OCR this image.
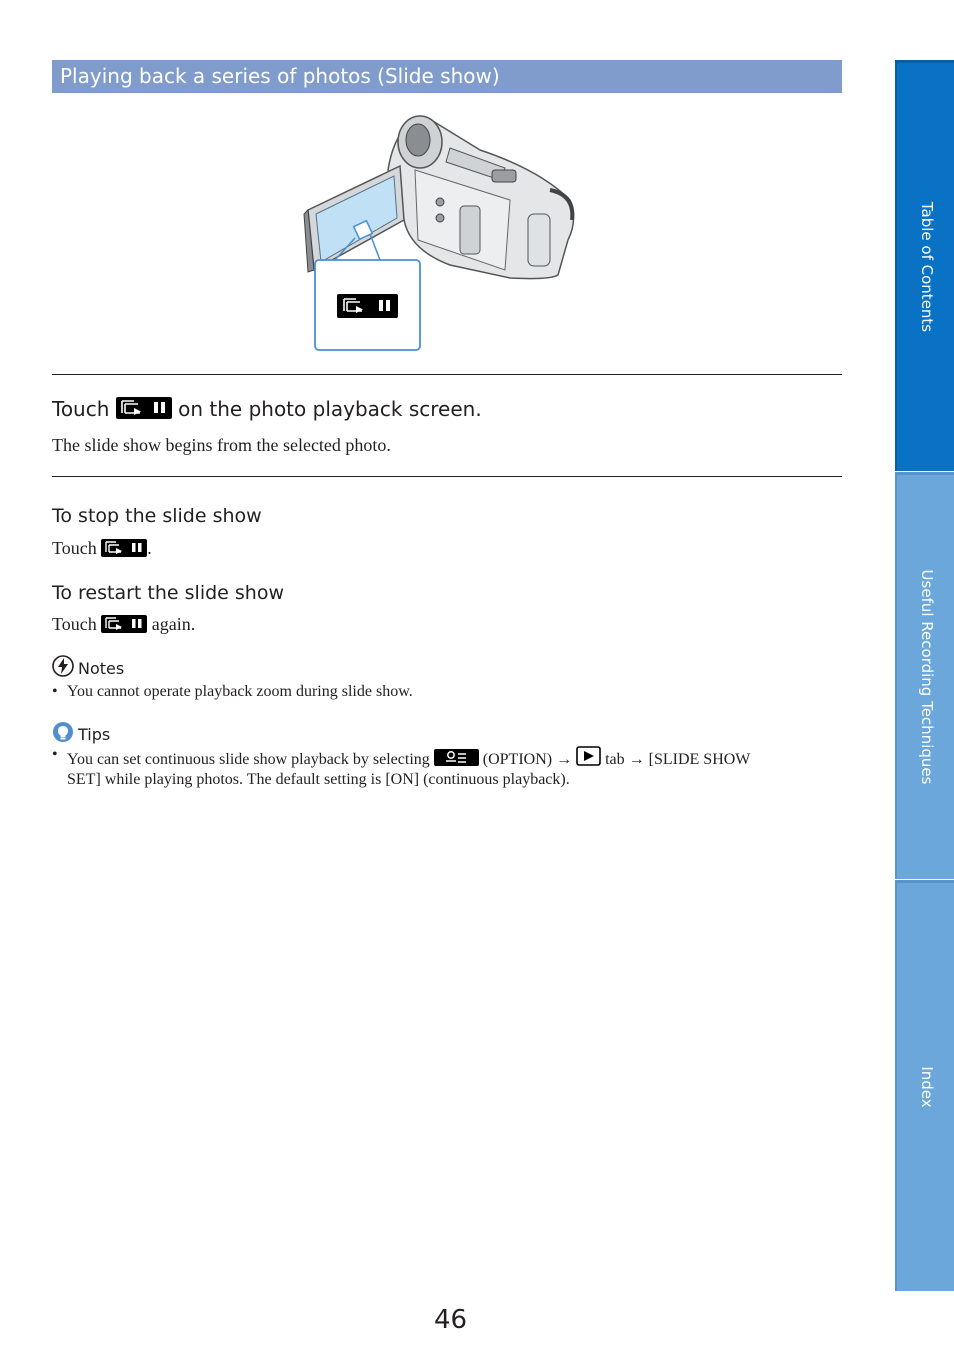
Playing back a series of photos (Slide show)
Touch	on the photo playback screen.
The slide show begins from the selected photo.
To stop the slide show
Touch	.
To restart the slide show
Touch	again.
Notes
• You cannot operate playback zoom during slide show.
Tips
• You can set continuous slide show playback by selecting	(OPTION) → tab → [SLIDE SHOW
SET] while playing photos. The default setting is [ON] (continuous playback).
Table of Contents
Useful Recording Techniques
Index
46
